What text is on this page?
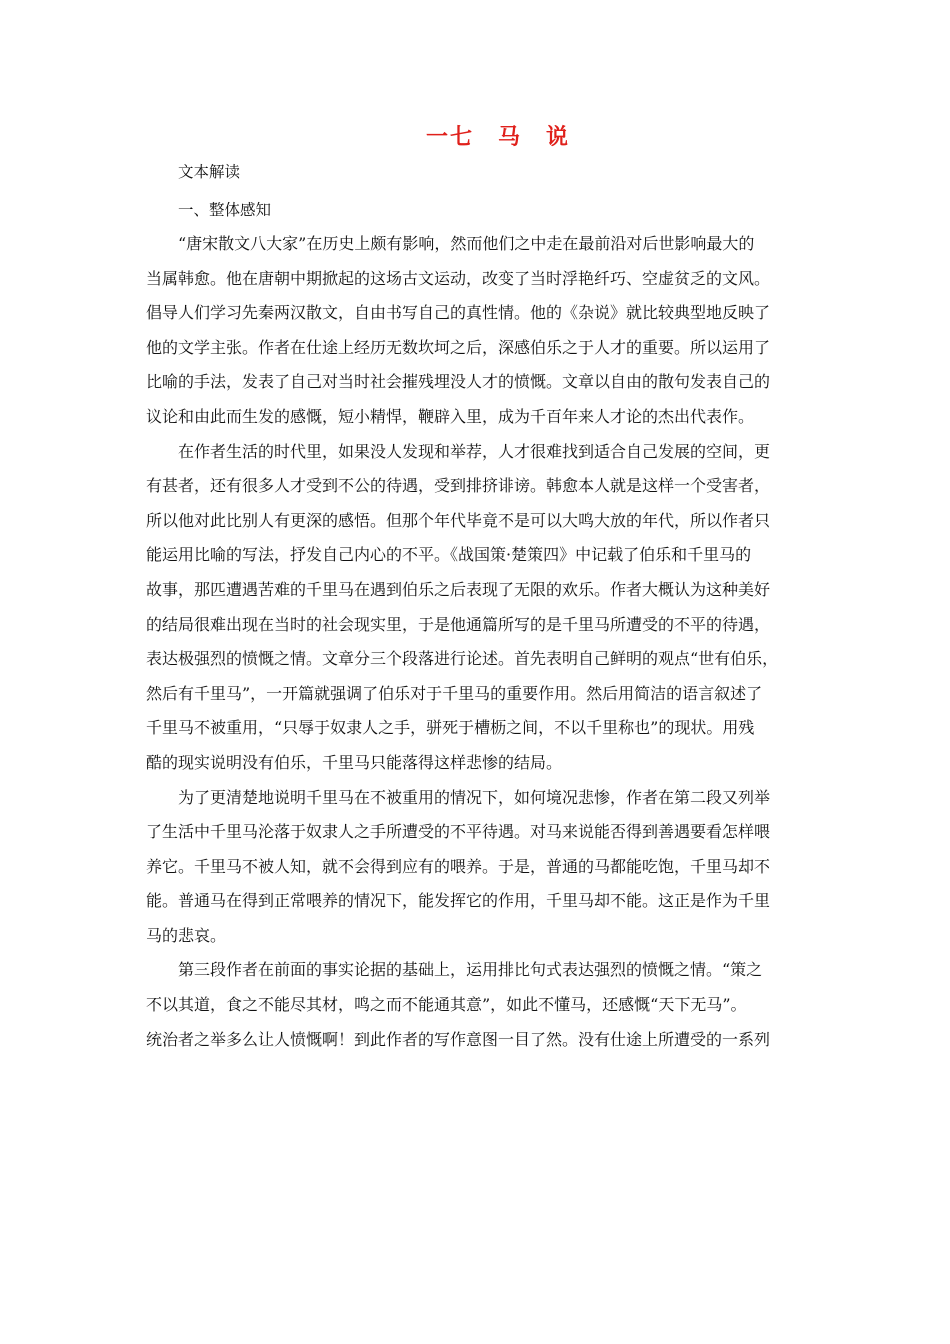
一七　马　说
文本解读
一、整体感知
“唐宋散文八大家”在历史上颇有影响，然而他们之中走在最前沿对后世影响最大的
当属韩愈。他在唐朝中期掀起的这场古文运动，改变了当时浮艳纤巧、空虚贫乏的文风。
倡导人们学习先秦两汉散文，自由书写自己的真性情。他的《杂说》就比较典型地反映了
他的文学主张。作者在仕途上经历无数坎坷之后，深感伯乐之于人才的重要。所以运用了
比喻的手法，发表了自己对当时社会摧残埋没人才的愤慨。文章以自由的散句发表自己的
议论和由此而生发的感慨，短小精悍，鞭辟入里，成为千百年来人才论的杰出代表作。
在作者生活的时代里，如果没人发现和举荐，人才很难找到适合自己发展的空间，更
有甚者，还有很多人才受到不公的待遇，受到排挤诽谤。韩愈本人就是这样一个受害者，
所以他对此比别人有更深的感悟。但那个年代毕竟不是可以大鸣大放的年代，所以作者只
能运用比喻的写法，抒发自己内心的不平。《战国策·楚策四》中记载了伯乐和千里马的
故事，那匹遭遇苦难的千里马在遇到伯乐之后表现了无限的欢乐。作者大概认为这种美好
的结局很难出现在当时的社会现实里，于是他通篇所写的是千里马所遭受的不平的待遇，
表达极强烈的愤慨之情。文章分三个段落进行论述。首先表明自己鲜明的观点“世有伯乐，
然后有千里马”，一开篇就强调了伯乐对于千里马的重要作用。然后用简洁的语言叙述了
千里马不被重用，“只辱于奴隶人之手，骈死于槽枥之间，不以千里称也”的现状。用残
酷的现实说明没有伯乐，千里马只能落得这样悲惨的结局。
为了更清楚地说明千里马在不被重用的情况下，如何境况悲惨，作者在第二段又列举
了生活中千里马沦落于奴隶人之手所遭受的不平待遇。对马来说能否得到善遇要看怎样喂
养它。千里马不被人知，就不会得到应有的喂养。于是，普通的马都能吃饱，千里马却不
能。普通马在得到正常喂养的情况下，能发挥它的作用，千里马却不能。这正是作为千里
马的悲哀。
第三段作者在前面的事实论据的基础上，运用排比句式表达强烈的愤慨之情。“策之
不以其道，食之不能尽其材，鸣之而不能通其意”，如此不懂马，还感慨“天下无马”。
统治者之举多么让人愤慨啊！到此作者的写作意图一目了然。没有仕途上所遭受的一系列
